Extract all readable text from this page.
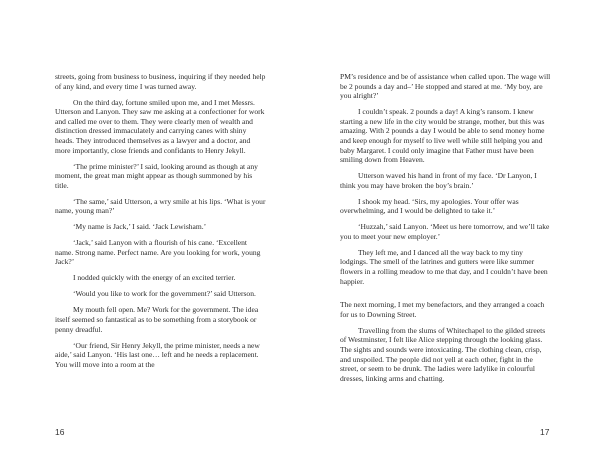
streets, going from business to business, inquiring if they needed help of any kind, and every time I was turned away.

On the third day, fortune smiled upon me, and I met Messrs. Utterson and Lanyon. They saw me asking at a confectioner for work and called me over to them. They were clearly men of wealth and distinction dressed immaculately and carrying canes with shiny heads. They introduced themselves as a lawyer and a doctor, and more importantly, close friends and confidants to Henry Jekyll.

‘The prime minister?’ I said, looking around as though at any moment, the great man might appear as though summoned by his title.

‘The same,’ said Utterson, a wry smile at his lips. ‘What is your name, young man?’

‘My name is Jack,’ I said. ‘Jack Lewisham.’

‘Jack,’ said Lanyon with a flourish of his cane. ‘Excellent name. Strong name. Perfect name. Are you looking for work, young Jack?’

I nodded quickly with the energy of an excited terrier.

‘Would you like to work for the government?’ said Utterson.

My mouth fell open. Me? Work for the government. The idea itself seemed so fantastical as to be something from a storybook or penny dreadful.

‘Our friend, Sir Henry Jekyll, the prime minister, needs a new aide,’ said Lanyon. ‘His last one… left and he needs a replacement. You will move into a room at the

16

PM’s residence and be of assistance when called upon. The wage will be 2 pounds a day and–’ He stopped and stared at me. ‘My boy, are you alright?’

I couldn’t speak. 2 pounds a day! A king’s ransom. I knew starting a new life in the city would be strange, mother, but this was amazing. With 2 pounds a day I would be able to send money home and keep enough for myself to live well while still helping you and baby Margaret. I could only imagine that Father must have been smiling down from Heaven.

Utterson waved his hand in front of my face. ‘Dr Lanyon, I think you may have broken the boy’s brain.’

I shook my head. ‘Sirs, my apologies. Your offer was overwhelming, and I would be delighted to take it.’

‘Huzzah,’ said Lanyon. ‘Meet us here tomorrow, and we’ll take you to meet your new employer.’

They left me, and I danced all the way back to my tiny lodgings. The smell of the latrines and gutters were like summer flowers in a rolling meadow to me that day, and I couldn’t have been happier.

The next morning, I met my benefactors, and they arranged a coach for us to Downing Street.

Travelling from the slums of Whitechapel to the gilded streets of Westminster, I felt like Alice stepping through the looking glass. The sights and sounds were intoxicating. The clothing clean, crisp, and unspoiled. The people did not yell at each other, fight in the street, or seem to be drunk. The ladies were ladylike in colourful dresses, linking arms and chatting.

17
